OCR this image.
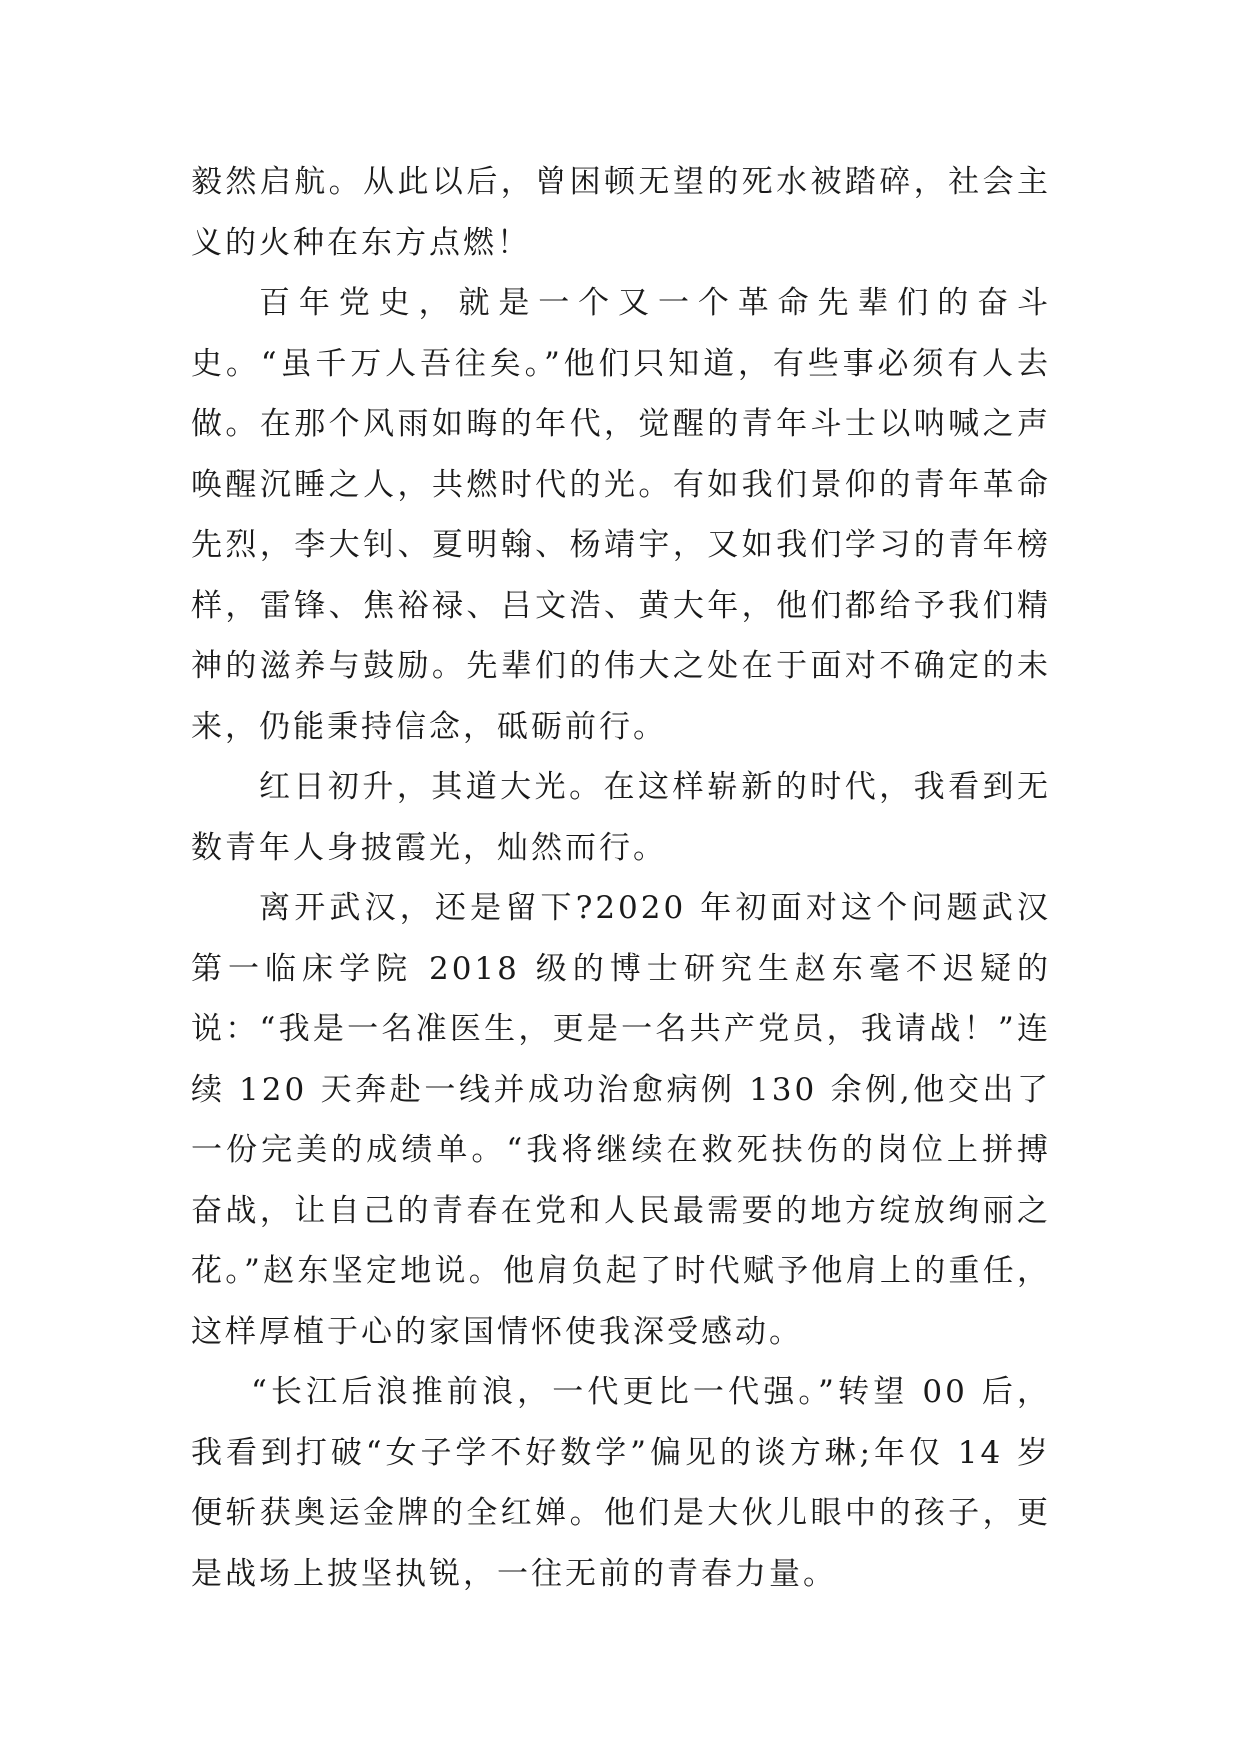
毅然启航。从此以后，曾困顿无望的死水被踏碎，社会主义的火种在东方点燃！

百年党史，就是一个又一个革命先辈们的奋斗史。“虽千万人吾往矣。”他们只知道，有些事必须有人去做。在那个风雨如晦的年代，觉醒的青年斗士以呐喊之声唤醒沉睡之人，共燃时代的光。有如我们景仰的青年革命先烈，李大钊、夏明翰、杨靖宇，又如我们学习的青年榜样，雷锋、焦裕禄、吕文浩、黄大年，他们都给予我们精神的滋养与鼓励。先辈们的伟大之处在于面对不确定的未来，仍能秉持信念，砥砺前行。

红日初升，其道大光。在这样崭新的时代，我看到无数青年人身披霞光，灿然而行。

离开武汉，还是留下?2020 年初面对这个问题武汉第一临床学院 2018 级的博士研究生赵东毫不迟疑的说：“我是一名准医生，更是一名共产党员，我请战！”连续 120 天奔赴一线并成功治愈病例 130 余例,他交出了一份完美的成绩单。“我将继续在救死扶伤的岗位上拼搏奋战，让自己的青春在党和人民最需要的地方绽放绚丽之花。”赵东坚定地说。他肩负起了时代赋予他肩上的重任，这样厚植于心的家国情怀使我深受感动。

“长江后浪推前浪，一代更比一代强。”转望 00 后，我看到打破“女子学不好数学”偏见的谈方琳;年仅 14 岁便斩获奥运金牌的全红婵。他们是大伙儿眼中的孩子，更是战场上披坚执锐，一往无前的青春力量。
